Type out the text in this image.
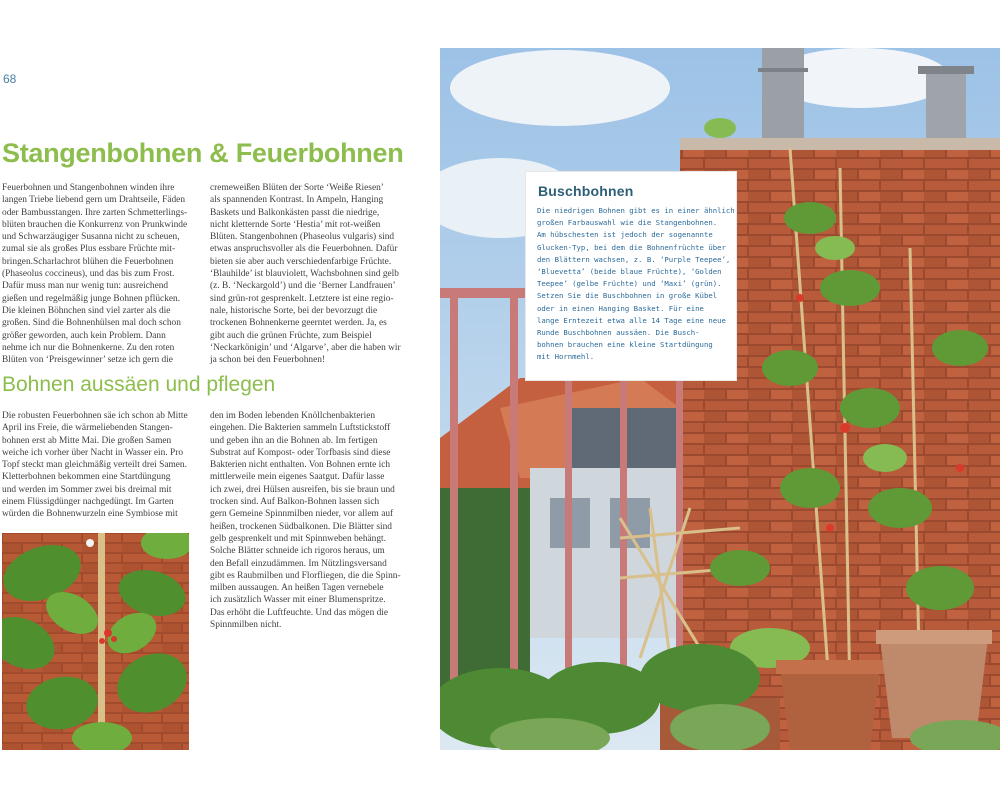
68
Stangenbohnen & Feuerbohnen
Feuerbohnen und Stangenbohnen winden ihre
langen Triebe liebend gern um Drahtseile, Fäden
oder Bambusstangen. Ihre zarten Schmetterlings-
blüten brauchen die Konkurrenz von Prunkwinde
und Schwarzäugiger Susanna nicht zu scheuen,
zumal sie als großes Plus essbare Früchte mit-
bringen.Scharlachrot blühen die Feuerbohnen
(Phaseolus coccineus), und das bis zum Frost.
Dafür muss man nur wenig tun: ausreichend
gießen und regelmäßig junge Bohnen pflücken.
Die kleinen Böhnchen sind viel zarter als die
großen. Sind die Bohnenhülsen mal doch schon
größer geworden, auch kein Problem. Dann
nehme ich nur die Bohnenkerne. Zu den roten
Blüten von ‘Preisgewinner’ setze ich gern die
cremeweißen Blüten der Sorte ‘Weiße Riesen’
als spannenden Kontrast. In Ampeln, Hanging
Baskets und Balkonkästen passt die niedrige,
nicht kletternde Sorte ‘Hestia’ mit rot-weißen
Blüten. Stangenbohnen (Phaseolus vulgaris) sind
etwas anspruchsvoller als die Feuerbohnen. Dafür
bieten sie aber auch verschiedenfarbige Früchte.
‘Blauhilde’ ist blauviolett, Wachsbohnen sind gelb
(z. B. ‘Neckargold’) und die ‘Berner Landfrauen’
sind grün-rot gesprenkelt. Letztere ist eine regio-
nale, historische Sorte, bei der bevorzugt die
trockenen Bohnenkerne geerntet werden. Ja, es
gibt auch die grünen Früchte, zum Beispiel
‘Neckarkönigin’ und ‘Algarve’, aber die haben wir
ja schon bei den Feuerbohnen!
Bohnen aussäen und pflegen
Die robusten Feuerbohnen säe ich schon ab Mitte
April ins Freie, die wärmeliebenden Stangen-
bohnen erst ab Mitte Mai. Die großen Samen
weiche ich vorher über Nacht in Wasser ein. Pro
Topf steckt man gleichmäßig verteilt drei Samen.
Kletterbohnen bekommen eine Startdüngung
und werden im Sommer zwei bis dreimal mit
einem Flüssigdünger nachgedüngt. Im Garten
würden die Bohnenwurzeln eine Symbiose mit
den im Boden lebenden Knöllchenbakterien
eingehen. Die Bakterien sammeln Luftstickstoff
und geben ihn an die Bohnen ab. Im fertigen
Substrat auf Kompost- oder Torfbasis sind diese
Bakterien nicht enthalten. Von Bohnen ernte ich
mittlerweile mein eigenes Saatgut. Dafür lasse
ich zwei, drei Hülsen ausreifen, bis sie braun und
trocken sind. Auf Balkon-Bohnen lassen sich
gern Gemeine Spinnmilben nieder, vor allem auf
heißen, trockenen Südbalkonen. Die Blätter sind
gelb gesprenkelt und mit Spinnweben behängt.
Solche Blätter schneide ich rigoros heraus, um
den Befall einzudämmen. Im Nützlingsversand
gibt es Raubmilben und Florfliegen, die die Spinn-
milben aussaugen. An heißen Tagen vernebele
ich zusätzlich Wasser mit einer Blumenspritze.
Das erhöht die Luftfeuchte. Und das mögen die
Spinnmilben nicht.
Buschbohnen
Die niedrigen Bohnen gibt es in einer ähnlich
großen Farbauswahl wie die Stangenbohnen.
Am hübschesten ist jedoch der sogenannte
Glucken-Typ, bei dem die Bohnenfrüchte über
den Blättern wachsen, z. B. ‘Purple Teepee’,
‘Bluevetta’ (beide blaue Früchte), ‘Golden
Teepee’ (gelbe Früchte) und ‘Maxi’ (grün).
Setzen Sie die Buschbohnen in große Kübel
oder in einen Hanging Basket. Für eine
lange Erntezeit etwa alle 14 Tage eine neue
Runde Buschbohnen aussäen. Die Busch-
bohnen brauchen eine kleine Startdüngung
mit Hornmehl.
